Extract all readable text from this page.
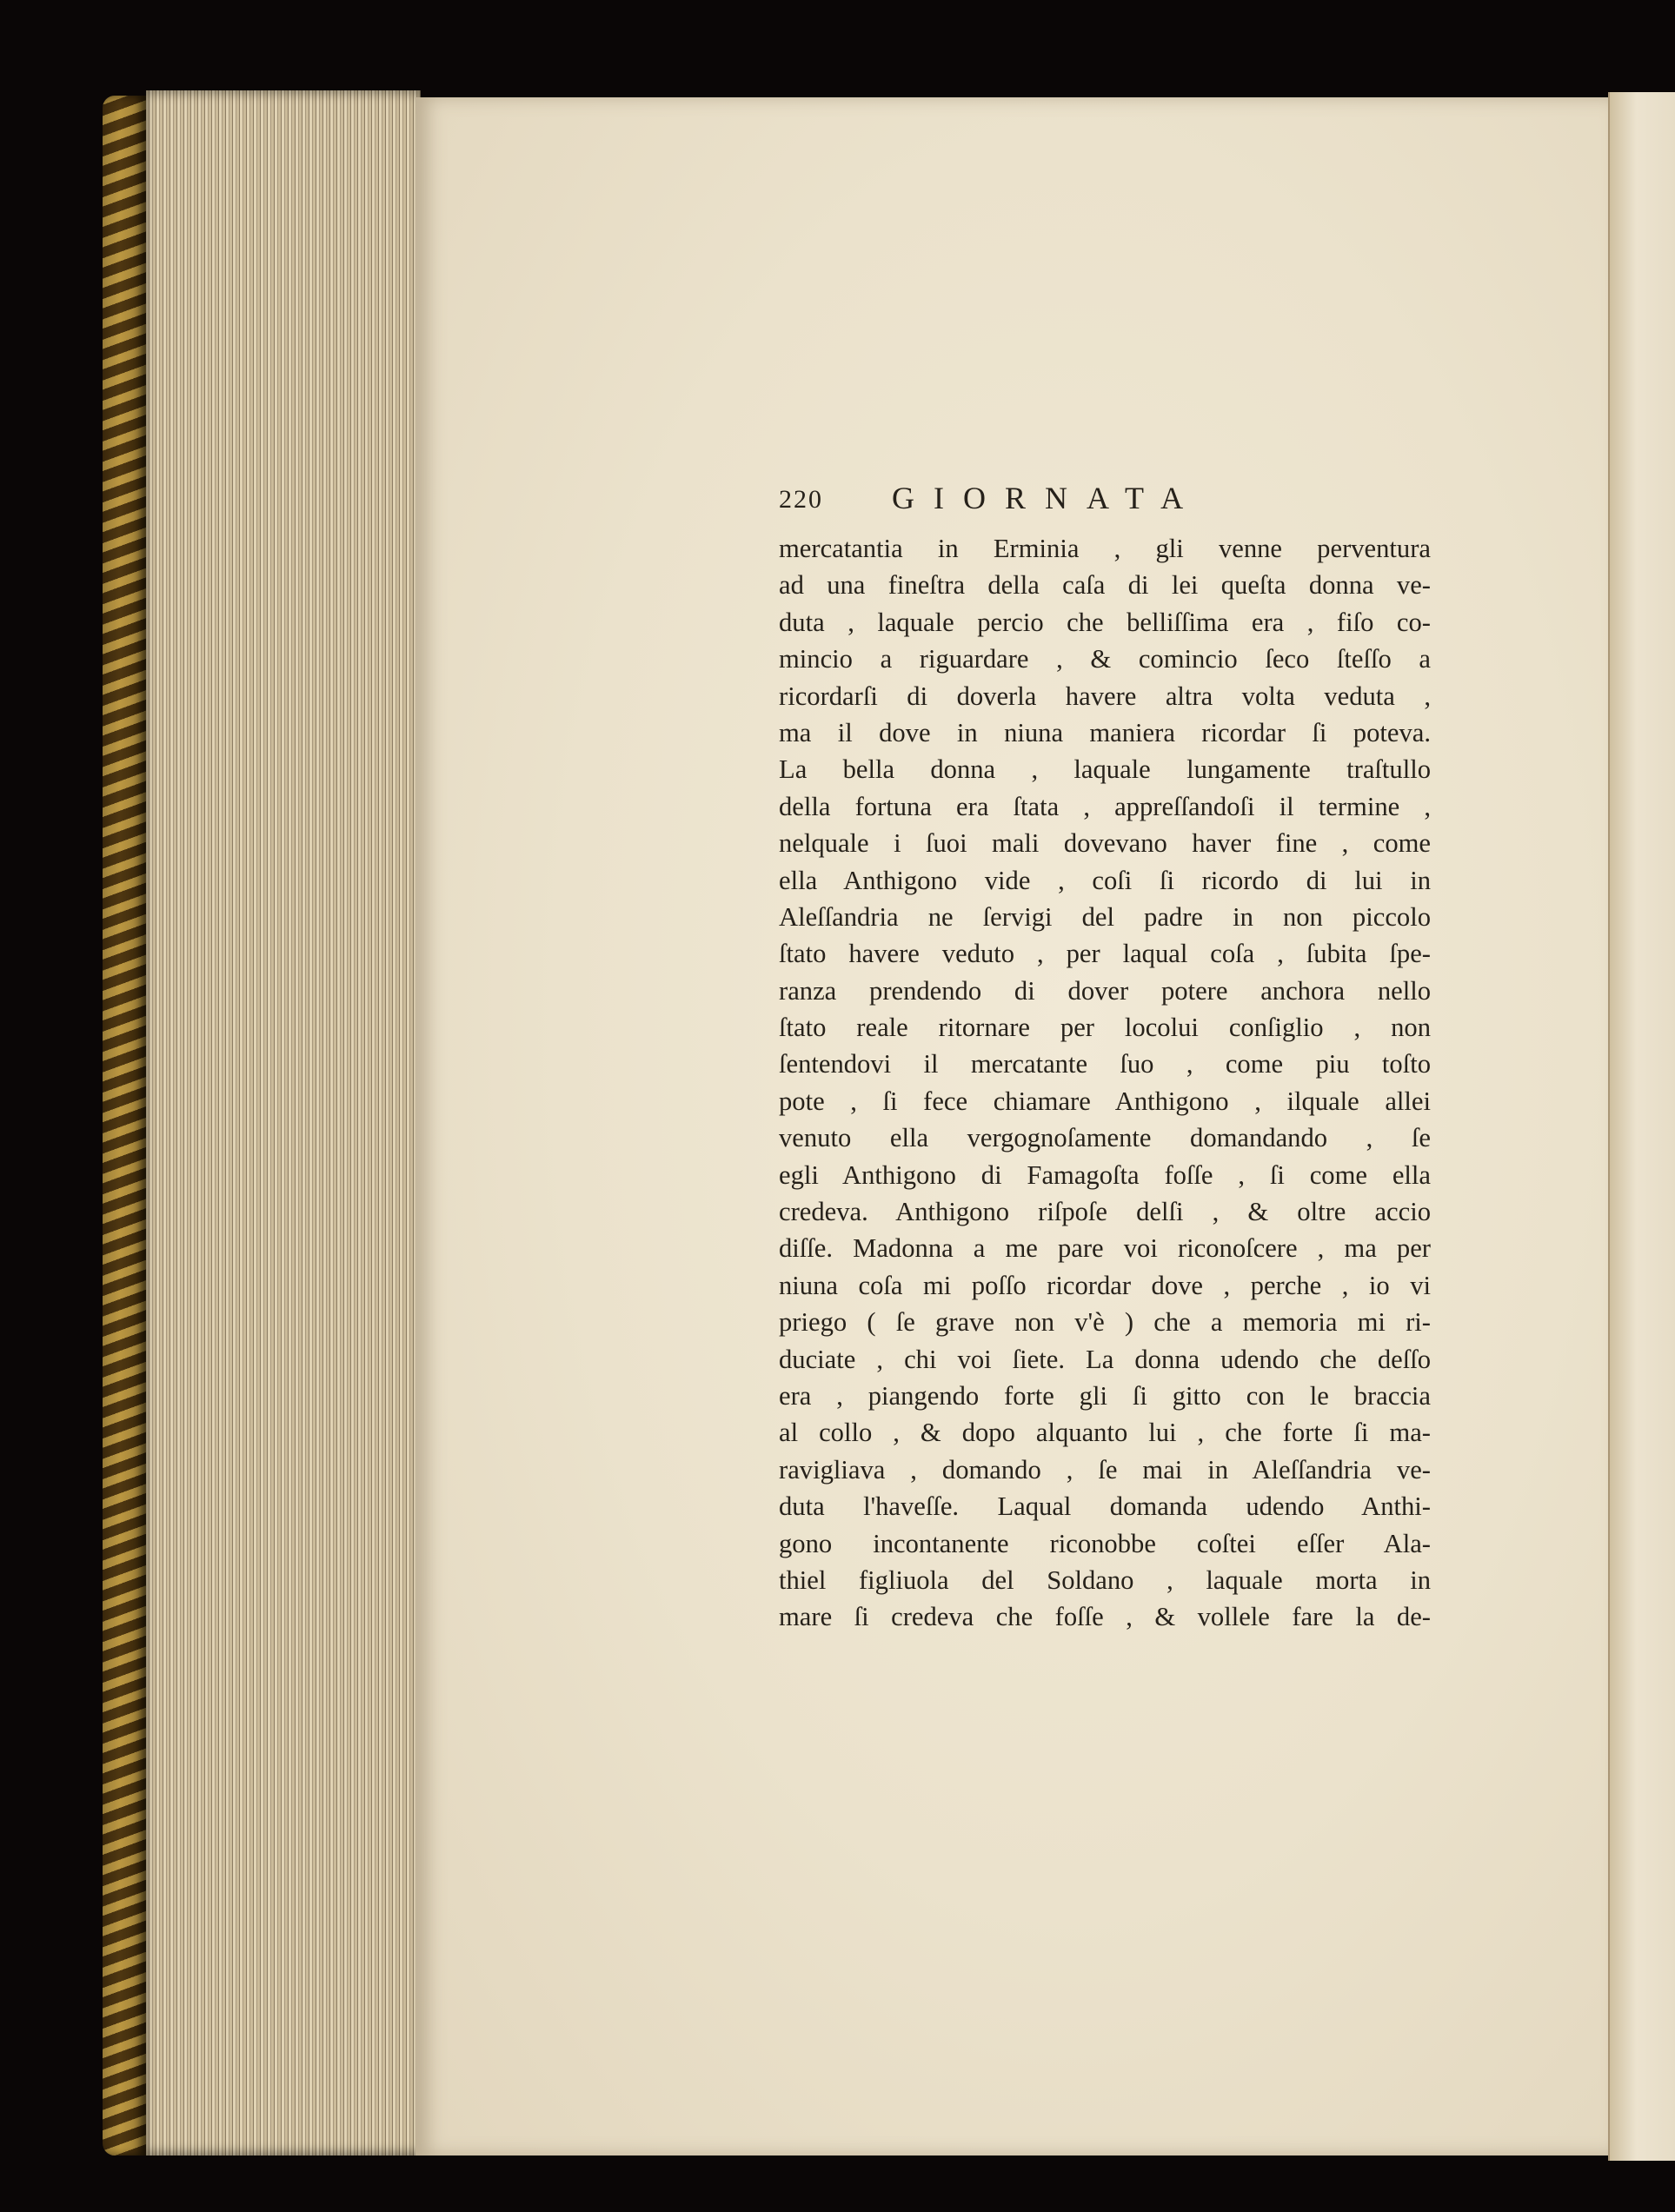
220 GIORNATA
mercatantia in Erminia , gli venne perventura
ad una fineſtra della caſa di lei queſta donna ve-
duta , laquale percio che belliſſima era , fiſo co-
mincio a riguardare , & comincio ſeco ſteſſo a
ricordarſi di doverla havere altra volta veduta ,
ma il dove in niuna maniera ricordar ſi poteva.
La bella donna , laquale lungamente traſtullo
della fortuna era ſtata , appreſſandoſi il termine ,
nelquale i ſuoi mali dovevano haver fine , come
ella Anthigono vide , coſi ſi ricordo di lui in
Aleſſandria ne ſervigi del padre in non piccolo
ſtato havere veduto , per laqual coſa , ſubita ſpe-
ranza prendendo di dover potere anchora nello
ſtato reale ritornare per locolui conſiglio , non
ſentendovi il mercatante ſuo , come piu toſto
pote , ſi fece chiamare Anthigono , ilquale allei
venuto ella vergognoſamente domandando , ſe
egli Anthigono di Famagoſta foſſe , ſi come ella
credeva. Anthigono riſpoſe delſi , & oltre accio
diſſe. Madonna a me pare voi riconoſcere , ma per
niuna coſa mi poſſo ricordar dove , perche , io vi
priego ( ſe grave non v'è ) che a memoria mi ri-
duciate , chi voi ſiete. La donna udendo che deſſo
era , piangendo forte gli ſi gitto con le braccia
al collo , & dopo alquanto lui , che forte ſi ma-
ravigliava , domando , ſe mai in Aleſſandria ve-
duta l'haveſſe. Laqual domanda udendo Anthi-
gono incontanente riconobbe coſtei eſſer Ala-
thiel figliuola del Soldano , laquale morta in
mare ſi credeva che foſſe , & vollele fare la de-
